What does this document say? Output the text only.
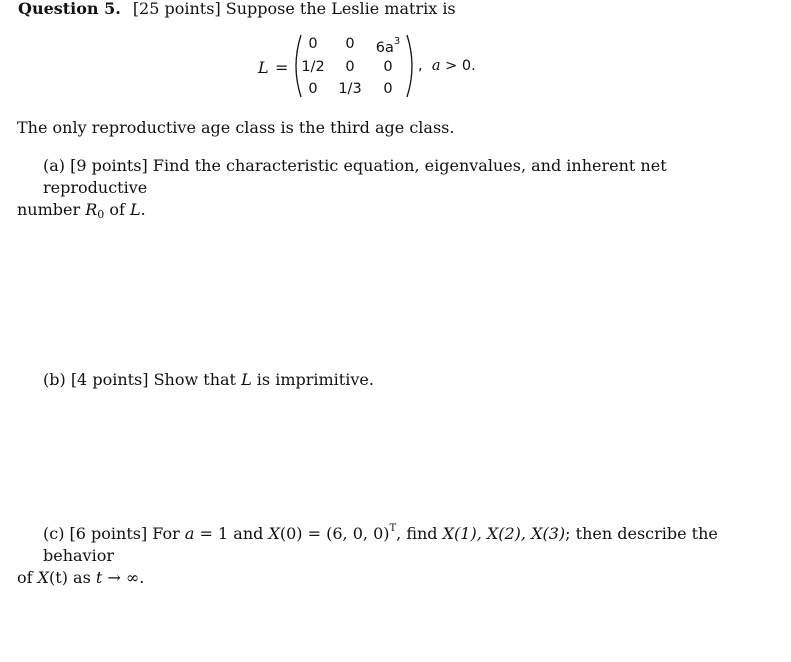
Question 5. [25 points] Suppose the Leslie matrix is
L =
0	0	$6a^3$
1/2	0	0
0	1/3	0
, a > 0.
The only reproductive age class is the third age class.
(a) [9 points] Find the characteristic equation, eigenvalues, and inherent net reproductive
number $R_0$ of L.
(b) [4 points] Show that L is imprimitive.
(c) [6 points] For a = 1 and X(0) = (6, 0, 0)$^T$, find X(1), X(2), X(3); then describe the behavior
of X(t) as t → ∞.
